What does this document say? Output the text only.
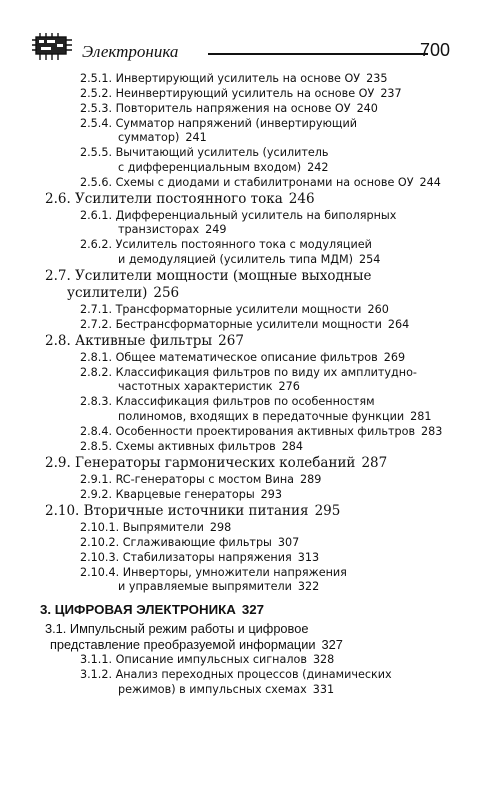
Электроника	700
2.5.1. Инвертирующий усилитель на основе ОУ 235
2.5.2. Неинвертирующий усилитель на основе ОУ 237
2.5.3. Повторитель напряжения на основе ОУ 240
2.5.4. Сумматор напряжений (инвертирующий
сумматор) 241
2.5.5. Вычитающий усилитель (усилитель
с дифференциальным входом) 242
2.5.6. Схемы с диодами и стабилитронами на основе ОУ 244
2.6. Усилители постоянного тока 246
2.6.1. Дифференциальный усилитель на биполярных
транзисторах 249
2.6.2. Усилитель постоянного тока с модуляцией
и демодуляцией (усилитель типа МДМ) 254
2.7. Усилители мощности (мощные выходные
усилители) 256
2.7.1. Трансформаторные усилители мощности 260
2.7.2. Бестрансформаторные усилители мощности 264
2.8. Активные фильтры 267
2.8.1. Общее математическое описание фильтров 269
2.8.2. Классификация фильтров по виду их амплитудно-
частотных характеристик 276
2.8.3. Классификация фильтров по особенностям
полиномов, входящих в передаточные функции 281
2.8.4. Особенности проектирования активных фильтров 283
2.8.5. Схемы активных фильтров 284
2.9. Генераторы гармонических колебаний 287
2.9.1. RC-генераторы с мостом Вина 289
2.9.2. Кварцевые генераторы 293
2.10. Вторичные источники питания 295
2.10.1. Выпрямители 298
2.10.2. Сглаживающие фильтры 307
2.10.3. Стабилизаторы напряжения 313
2.10.4. Инверторы, умножители напряжения
и управляемые выпрямители 322
3. ЦИФРОВАЯ ЭЛЕКТРОНИКА 327
3.1. Импульсный режим работы и цифровое
представление преобразуемой информации 327
3.1.1. Описание импульсных сигналов 328
3.1.2. Анализ переходных процессов (динамических
режимов) в импульсных схемах 331
